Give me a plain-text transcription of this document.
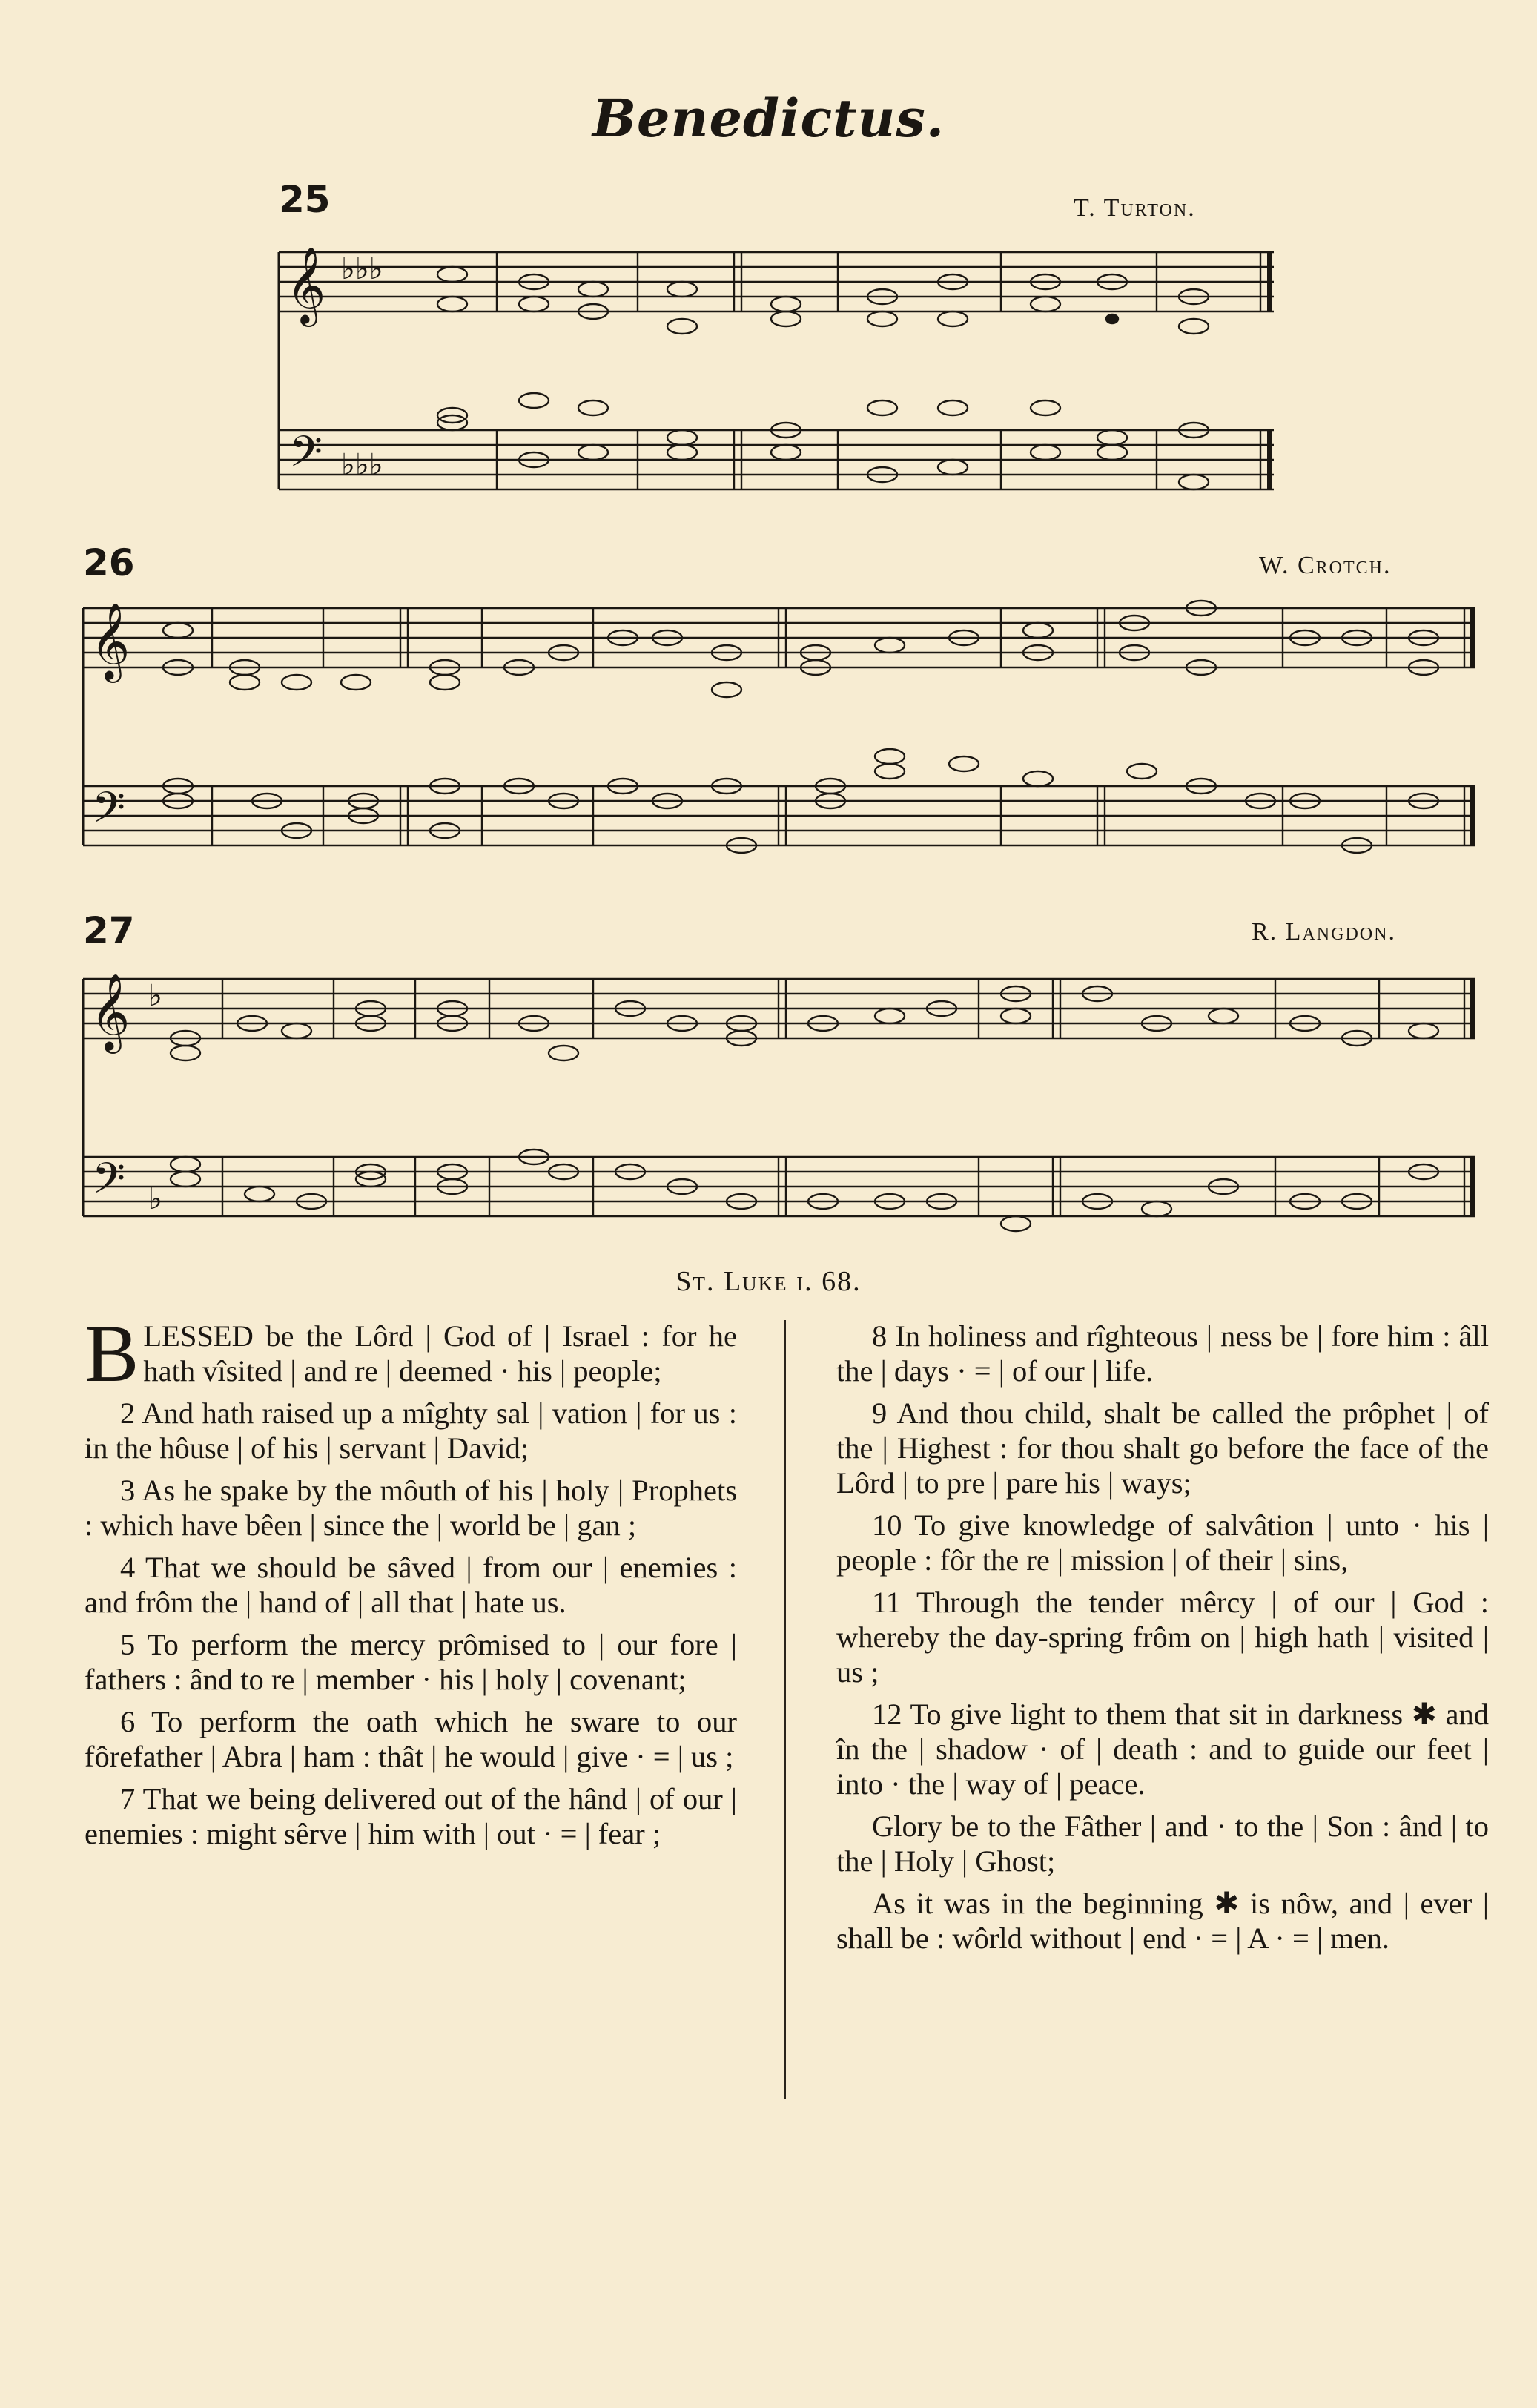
Benedictus.
25	T. Turton.
26	W. Crotch.
27	R. Langdon.
𝄞
𝄢
♭♭♭
♭♭♭
𝄞
𝄢
𝄞
𝄢
♭
♭
St. Luke i. 68.

BLESSED be the Lôrd | God of | Israel : for he hath vîsited | and re | deemed · his | people;

2 And hath raised up a mîghty sal | vation | for us : in the hôuse | of his | servant | David;

3 As he spake by the môuth of his | holy | Prophets : which have bêen | since the | world be | gan ;

4 That we should be sâved | from our | enemies : and frôm the | hand of | all that | hate us.

5 To perform the mercy prômised to | our fore | fathers : ând to re | member · his | holy | covenant;

6 To perform the oath which he sware to our fôrefather | Abra | ham : thât | he would | give · = | us ;

7 That we being delivered out of the hând | of our | enemies : might sêrve | him with | out · = | fear ;

8 In holiness and rîghteous | ness be | fore him : âll the | days · = | of our | life.

9 And thou child, shalt be called the prôphet | of the | Highest : for thou shalt go before the face of the Lôrd | to pre | pare his | ways;

10 To give knowledge of salvâtion | unto · his | people : fôr the re | mission | of their | sins,

11 Through the tender mêrcy | of our | God : whereby the day-spring frôm on | high hath | visited | us ;

12 To give light to them that sit in darkness ✱ and în the | shadow · of | death : and to guide our feet | into · the | way of | peace.

Glory be to the Fâther | and · to the | Son : ând | to the | Holy | Ghost;

As it was in the beginning ✱ is nôw, and | ever | shall be : wôrld without | end · = | A · = | men.
